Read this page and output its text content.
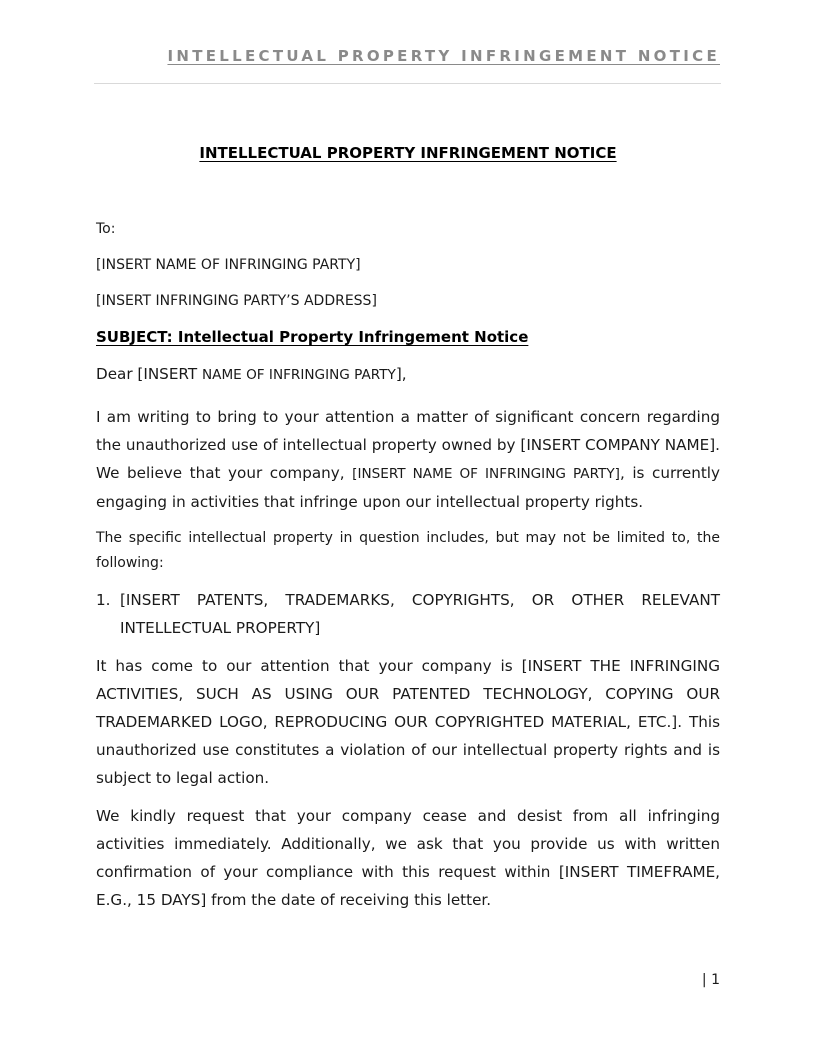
INTELLECTUAL PROPERTY INFRINGEMENT NOTICE
INTELLECTUAL PROPERTY INFRINGEMENT NOTICE
To:
[INSERT NAME OF INFRINGING PARTY]
[INSERT INFRINGING PARTY’S ADDRESS]
SUBJECT: Intellectual Property Infringement Notice
Dear [INSERT NAME OF INFRINGING PARTY],
I am writing to bring to your attention a matter of significant concern regarding the unauthorized use of intellectual property owned by [INSERT COMPANY NAME]. We believe that your company, [INSERT NAME OF INFRINGING PARTY], is currently engaging in activities that infringe upon our intellectual property rights.
The specific intellectual property in question includes, but may not be limited to, the following:
1. [INSERT PATENTS, TRADEMARKS, COPYRIGHTS, OR OTHER RELEVANT INTELLECTUAL PROPERTY]
It has come to our attention that your company is [INSERT THE INFRINGING ACTIVITIES, SUCH AS USING OUR PATENTED TECHNOLOGY, COPYING OUR TRADEMARKED LOGO, REPRODUCING OUR COPYRIGHTED MATERIAL, ETC.]. This unauthorized use constitutes a violation of our intellectual property rights and is subject to legal action.
We kindly request that your company cease and desist from all infringing activities immediately. Additionally, we ask that you provide us with written confirmation of your compliance with this request within [INSERT TIMEFRAME, E.G., 15 DAYS] from the date of receiving this letter.
| 1
